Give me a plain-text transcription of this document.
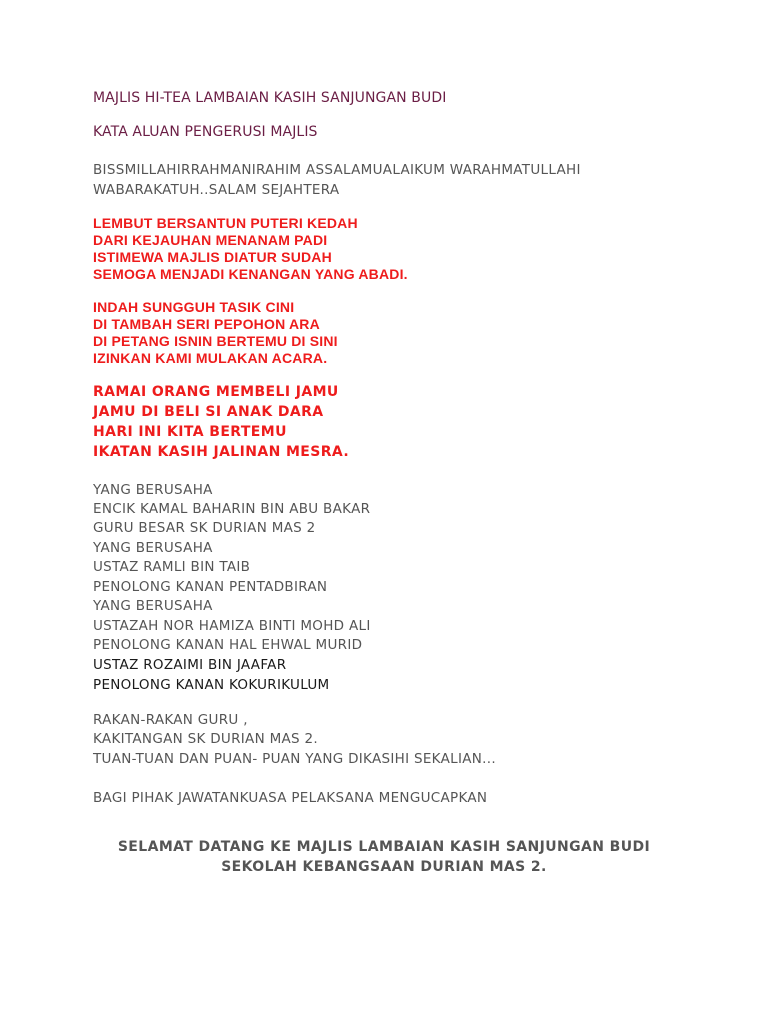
MAJLIS HI-TEA LAMBAIAN KASIH SANJUNGAN BUDI

KATA ALUAN PENGERUSI MAJLIS

BISSMILLAHIRRAHMANIRAHIM ASSALAMUALAIKUM WARAHMATULLAHI

WABARAKATUH..SALAM SEJAHTERA

LEMBUT BERSANTUN PUTERI KEDAH

DARI KEJAUHAN MENANAM PADI

ISTIMEWA MAJLIS DIATUR SUDAH

SEMOGA MENJADI KENANGAN YANG ABADI.

INDAH SUNGGUH TASIK CINI

DI TAMBAH SERI PEPOHON ARA

DI PETANG ISNIN BERTEMU DI SINI

IZINKAN KAMI MULAKAN ACARA.

RAMAI ORANG MEMBELI JAMU

JAMU DI BELI SI ANAK DARA

HARI INI KITA BERTEMU

IKATAN KASIH JALINAN MESRA.

YANG BERUSAHA

ENCIK KAMAL BAHARIN BIN ABU BAKAR

GURU BESAR SK DURIAN MAS 2

YANG BERUSAHA

USTAZ RAMLI BIN TAIB

PENOLONG KANAN PENTADBIRAN

YANG BERUSAHA

USTAZAH NOR HAMIZA BINTI MOHD ALI

PENOLONG KANAN HAL EHWAL MURID

USTAZ ROZAIMI BIN JAAFAR

PENOLONG KANAN KOKURIKULUM

RAKAN-RAKAN GURU ,

KAKITANGAN SK DURIAN MAS 2.

TUAN-TUAN DAN PUAN- PUAN YANG DIKASIHI SEKALIAN...

BAGI PIHAK JAWATANKUASA PELAKSANA MENGUCAPKAN

SELAMAT DATANG KE MAJLIS LAMBAIAN KASIH SANJUNGAN BUDI

SEKOLAH KEBANGSAAN DURIAN MAS 2.
